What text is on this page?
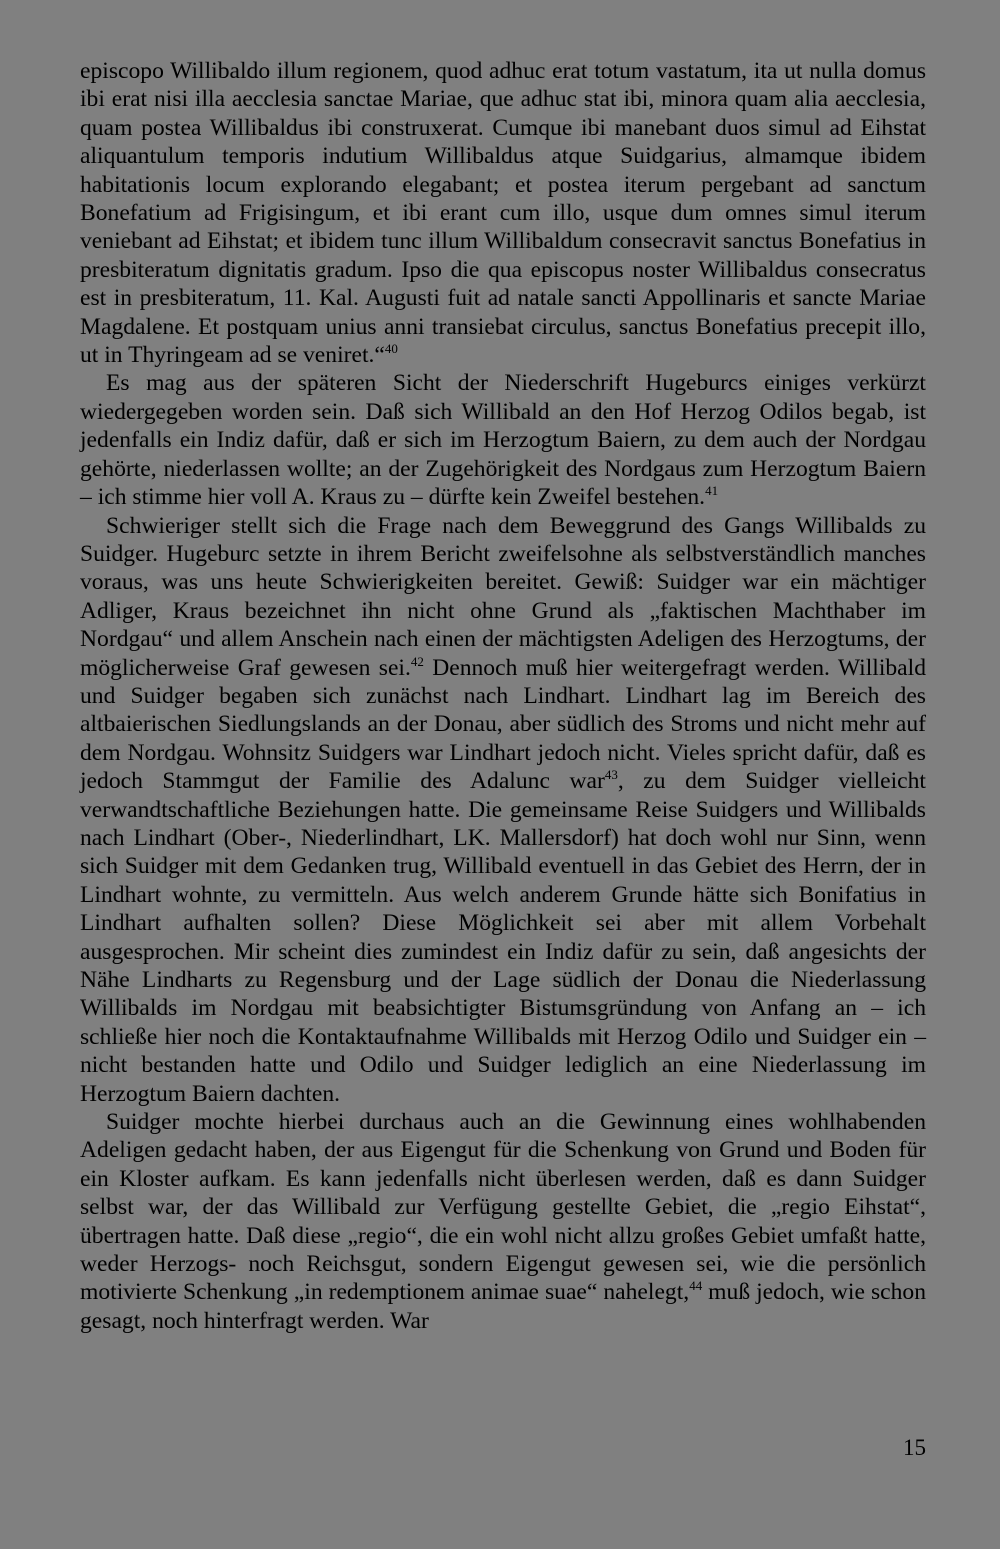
episcopo Willibaldo illum regionem, quod adhuc erat totum vastatum, ita ut nulla domus ibi erat nisi illa aecclesia sanctae Mariae, que adhuc stat ibi, minora quam alia aecclesia, quam postea Willibaldus ibi construxerat. Cumque ibi manebant duos simul ad Eihstat aliquantulum temporis indutium Willibaldus atque Suidgarius, almamque ibidem habitationis locum explorando elegabant; et postea iterum pergebant ad sanctum Bonefatium ad Frigisingum, et ibi erant cum illo, usque dum omnes simul iterum veniebant ad Eihstat; et ibidem tunc illum Willibaldum consecravit sanctus Bonefatius in presbiteratum dignitatis gradum. Ipso die qua episcopus noster Willibaldus consecratus est in presbiteratum, 11. Kal. Augusti fuit ad natale sancti Appollinaris et sancte Mariae Magdalene. Et postquam unius anni transiebat circulus, sanctus Bonefatius precepit illo, ut in Thyringeam ad se veniret.“$^{40}$

Es mag aus der späteren Sicht der Niederschrift Hugeburcs einiges verkürzt wiedergegeben worden sein. Daß sich Willibald an den Hof Herzog Odilos begab, ist jedenfalls ein Indiz dafür, daß er sich im Herzogtum Baiern, zu dem auch der Nordgau gehörte, niederlassen wollte; an der Zugehörigkeit des Nordgaus zum Herzogtum Baiern – ich stimme hier voll A. Kraus zu – dürfte kein Zweifel bestehen.$^{41}$

Schwieriger stellt sich die Frage nach dem Beweggrund des Gangs Willibalds zu Suidger. Hugeburc setzte in ihrem Bericht zweifelsohne als selbstverständlich manches voraus, was uns heute Schwierigkeiten bereitet. Gewiß: Suidger war ein mächtiger Adliger, Kraus bezeichnet ihn nicht ohne Grund als „faktischen Machthaber im Nordgau“ und allem Anschein nach einen der mächtigsten Adeligen des Herzogtums, der möglicherweise Graf gewesen sei.$^{42}$ Dennoch muß hier weitergefragt werden. Willibald und Suidger begaben sich zunächst nach Lindhart. Lindhart lag im Bereich des altbaierischen Siedlungslands an der Donau, aber südlich des Stroms und nicht mehr auf dem Nordgau. Wohnsitz Suidgers war Lindhart jedoch nicht. Vieles spricht dafür, daß es jedoch Stammgut der Familie des Adalunc war$^{43}$, zu dem Suidger vielleicht verwandtschaftliche Beziehungen hatte. Die gemeinsame Reise Suidgers und Willibalds nach Lindhart (Ober-, Niederlindhart, LK. Mallersdorf) hat doch wohl nur Sinn, wenn sich Suidger mit dem Gedanken trug, Willibald eventuell in das Gebiet des Herrn, der in Lindhart wohnte, zu vermitteln. Aus welch anderem Grunde hätte sich Bonifatius in Lindhart aufhalten sollen? Diese Möglichkeit sei aber mit allem Vorbehalt ausgesprochen. Mir scheint dies zumindest ein Indiz dafür zu sein, daß angesichts der Nähe Lindharts zu Regensburg und der Lage südlich der Donau die Niederlassung Willibalds im Nordgau mit beabsichtigter Bistumsgründung von Anfang an – ich schließe hier noch die Kontaktaufnahme Willibalds mit Herzog Odilo und Suidger ein – nicht bestanden hatte und Odilo und Suidger lediglich an eine Niederlassung im Herzogtum Baiern dachten.

Suidger mochte hierbei durchaus auch an die Gewinnung eines wohlhabenden Adeligen gedacht haben, der aus Eigengut für die Schenkung von Grund und Boden für ein Kloster aufkam. Es kann jedenfalls nicht überlesen werden, daß es dann Suidger selbst war, der das Willibald zur Verfügung gestellte Gebiet, die „regio Eihstat“, übertragen hatte. Daß diese „regio“, die ein wohl nicht allzu großes Gebiet umfaßt hatte, weder Herzogs- noch Reichsgut, sondern Eigengut gewesen sei, wie die persönlich motivierte Schenkung „in redemptionem animae suae“ nahelegt,$^{44}$ muß jedoch, wie schon gesagt, noch hinterfragt werden. War

15
